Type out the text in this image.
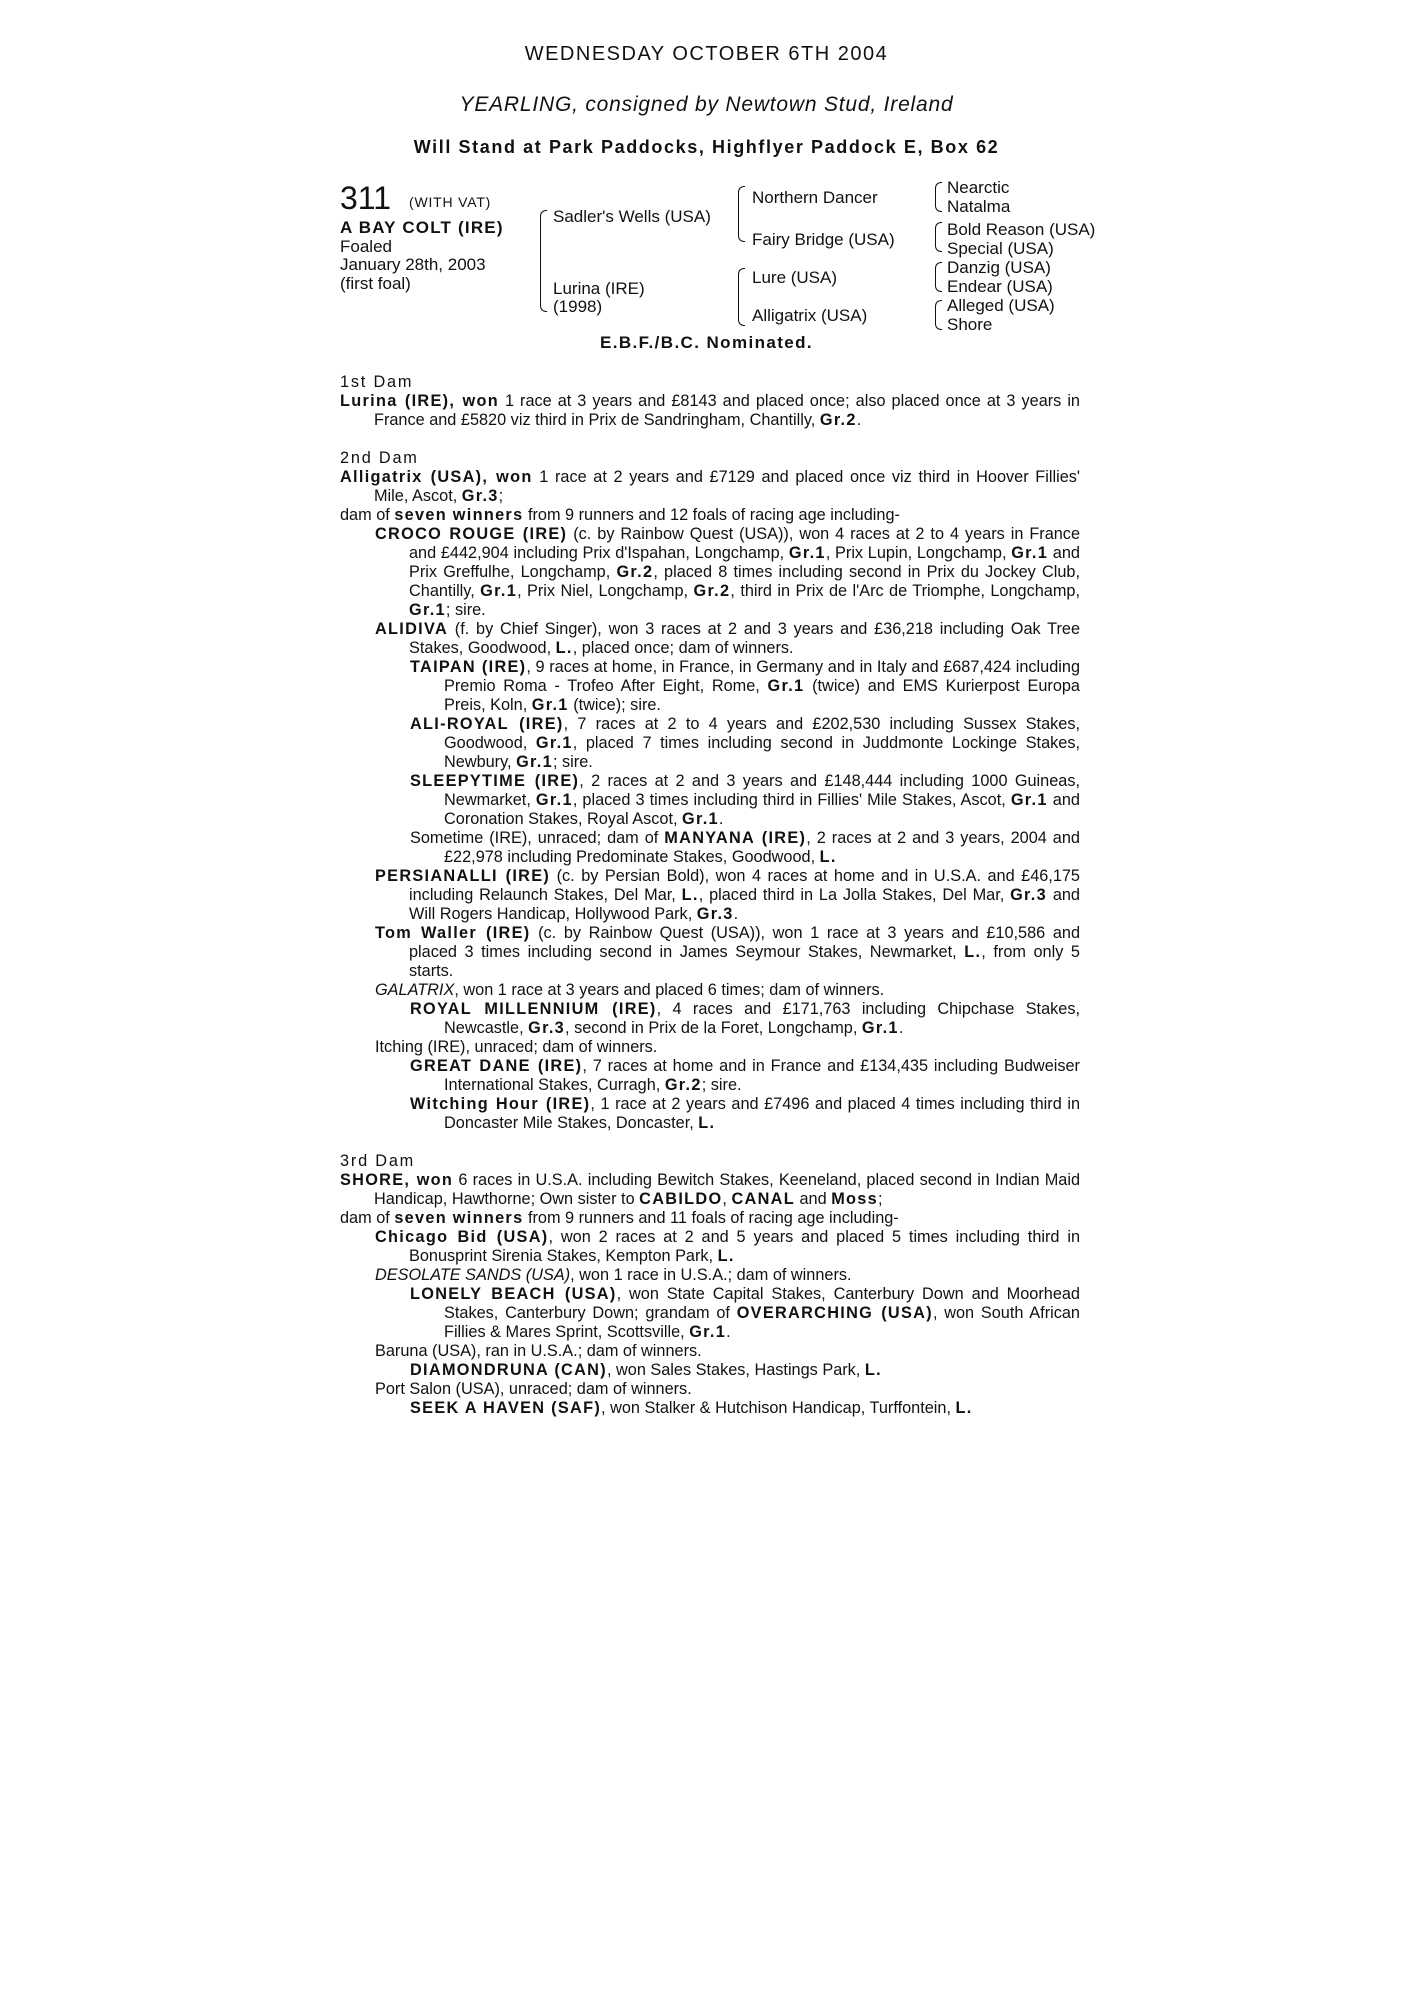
WEDNESDAY OCTOBER 6TH 2004
YEARLING, consigned by Newtown Stud, Ireland
Will Stand at Park Paddocks, Highflyer Paddock E, Box 62
311 (WITH VAT)
A BAY COLT (IRE)
Foaled
January 28th, 2003
(first foal)
Sadler's Wells (USA)
Lurina (IRE)
(1998)
Northern Dancer
Fairy Bridge (USA)
Lure (USA)
Alligatrix (USA)
Nearctic
Natalma
Bold Reason (USA)
Special (USA)
Danzig (USA)
Endear (USA)
Alleged (USA)
Shore
E.B.F./B.C. Nominated.
1st Dam
Lurina (IRE), won 1 race at 3 years and £8143 and placed once; also placed once at 3 years in France and £5820 viz third in Prix de Sandringham, Chantilly, Gr.2.
2nd Dam
Alligatrix (USA), won 1 race at 2 years and £7129 and placed once viz third in Hoover Fillies' Mile, Ascot, Gr.3;
dam of seven winners from 9 runners and 12 foals of racing age including-
CROCO ROUGE (IRE) (c. by Rainbow Quest (USA)), won 4 races at 2 to 4 years in France and £442,904 including Prix d'Ispahan, Longchamp, Gr.1, Prix Lupin, Longchamp, Gr.1 and Prix Greffulhe, Longchamp, Gr.2, placed 8 times including second in Prix du Jockey Club, Chantilly, Gr.1, Prix Niel, Longchamp, Gr.2, third in Prix de l'Arc de Triomphe, Longchamp, Gr.1; sire.
ALIDIVA (f. by Chief Singer), won 3 races at 2 and 3 years and £36,218 including Oak Tree Stakes, Goodwood, L., placed once; dam of winners.
TAIPAN (IRE), 9 races at home, in France, in Germany and in Italy and £687,424 including Premio Roma - Trofeo After Eight, Rome, Gr.1 (twice) and EMS Kurierpost Europa Preis, Koln, Gr.1 (twice); sire.
ALI-ROYAL (IRE), 7 races at 2 to 4 years and £202,530 including Sussex Stakes, Goodwood, Gr.1, placed 7 times including second in Juddmonte Lockinge Stakes, Newbury, Gr.1; sire.
SLEEPYTIME (IRE), 2 races at 2 and 3 years and £148,444 including 1000 Guineas, Newmarket, Gr.1, placed 3 times including third in Fillies' Mile Stakes, Ascot, Gr.1 and Coronation Stakes, Royal Ascot, Gr.1.
Sometime (IRE), unraced; dam of MANYANA (IRE), 2 races at 2 and 3 years, 2004 and £22,978 including Predominate Stakes, Goodwood, L.
PERSIANALLI (IRE) (c. by Persian Bold), won 4 races at home and in U.S.A. and £46,175 including Relaunch Stakes, Del Mar, L., placed third in La Jolla Stakes, Del Mar, Gr.3 and Will Rogers Handicap, Hollywood Park, Gr.3.
Tom Waller (IRE) (c. by Rainbow Quest (USA)), won 1 race at 3 years and £10,586 and placed 3 times including second in James Seymour Stakes, Newmarket, L., from only 5 starts.
GALATRIX, won 1 race at 3 years and placed 6 times; dam of winners.
ROYAL MILLENNIUM (IRE), 4 races and £171,763 including Chipchase Stakes, Newcastle, Gr.3, second in Prix de la Foret, Longchamp, Gr.1.
Itching (IRE), unraced; dam of winners.
GREAT DANE (IRE), 7 races at home and in France and £134,435 including Budweiser International Stakes, Curragh, Gr.2; sire.
Witching Hour (IRE), 1 race at 2 years and £7496 and placed 4 times including third in Doncaster Mile Stakes, Doncaster, L.
3rd Dam
SHORE, won 6 races in U.S.A. including Bewitch Stakes, Keeneland, placed second in Indian Maid Handicap, Hawthorne; Own sister to CABILDO, CANAL and Moss;
dam of seven winners from 9 runners and 11 foals of racing age including-
Chicago Bid (USA), won 2 races at 2 and 5 years and placed 5 times including third in Bonusprint Sirenia Stakes, Kempton Park, L.
DESOLATE SANDS (USA), won 1 race in U.S.A.; dam of winners.
LONELY BEACH (USA), won State Capital Stakes, Canterbury Down and Moorhead Stakes, Canterbury Down; grandam of OVERARCHING (USA), won South African Fillies & Mares Sprint, Scottsville, Gr.1.
Baruna (USA), ran in U.S.A.; dam of winners.
DIAMONDRUNA (CAN), won Sales Stakes, Hastings Park, L.
Port Salon (USA), unraced; dam of winners.
SEEK A HAVEN (SAF), won Stalker & Hutchison Handicap, Turffontein, L.
